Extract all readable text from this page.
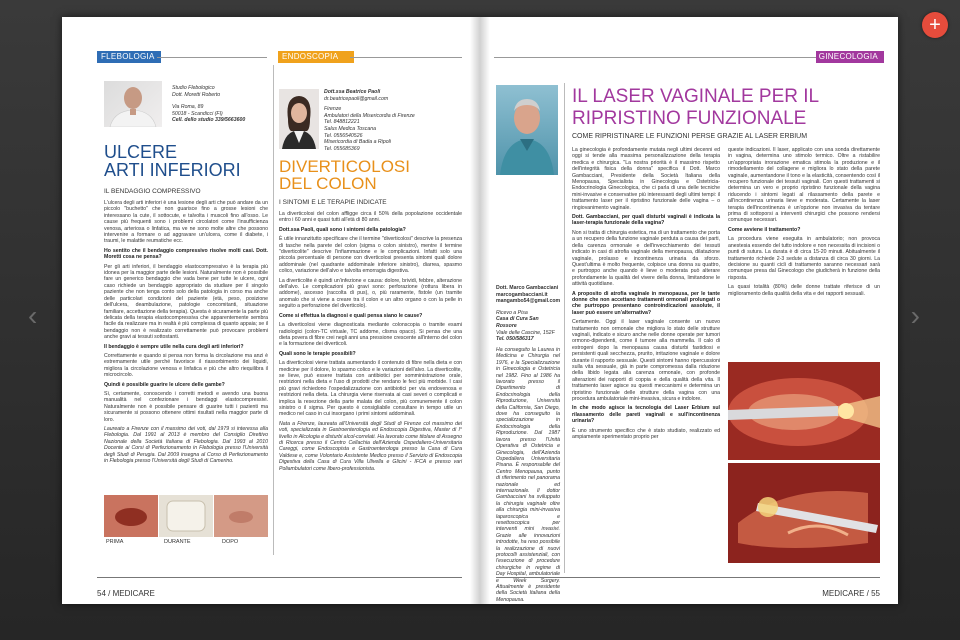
‹	›
+
FLEBOLOGIA
Studio Flebologico
Dott. Moretti Roberto
Via Roma, 89
50018 - Scandicci (FI)
Cell. dello studio 339/5663600
ULCERE
ARTI INFERIORI
IL BENDAGGIO COMPRESSIVO

L'ulcera degli arti inferiori è una lesione degli arti che può andare da un piccolo "buchetto" che non guarisce fino a grosse lesioni che interessano la cute, il sottocute, e talvolta i muscoli fino all'osso. Le cause più frequenti sono i problemi circolatori come l'insufficienza venosa, arteriosa o linfatica, ma ve ne sono molte altre che possono intervenire a formare o ad aggravare un'ulcera, come il diabete, i traumi, le malattie reumatiche ecc.

Ho sentito che il bendaggio compressivo risolve molti casi. Dott. Moretti cosa ne pensa?

Per gli arti inferiori, il bendaggio elastocompressivo è la terapia più idonea per la maggior parte delle lesioni. Naturalmente non è possibile fare un generico bendaggio che vada bene per tutte le ulcere, ogni caso richiede un bendaggio appropriato da studiare per il singolo paziente che non tenga conto solo della patologia in corso ma anche delle particolari condizioni del paziente (età, peso, posizione dell'ulcera, deambulazione, patologie concomitanti, situazione familiare, accettazione della terapia). Questa è sicuramente la parte più delicata della terapia elastocompressiva che apparentemente sembra facile da realizzare ma in realtà è più complessa di quanto appaia; se il bendaggio non è realizzato correttamente può provocare problemi anche gravi ai tessuti sottostanti.

Il bendaggio è sempre utile nella cura degli arti inferiori?

Correttamente e quando si pensa non forma la circolazione ma anzi è estremamente utile perché favorisce il riassorbimento dei liquidi, migliora la circolazione venosa e linfatica e più che altro riequilibra il microcircolo.

Quindi è possibile guarire le ulcere delle gambe?

Sì, certamente, conoscendo i corretti metodi e avendo una buona manualità nel confezionare i bendaggi elastocompressivi. Naturalmente non è possibile pensare di guarire tutti i pazienti ma sicuramente si possono ottenere ottimi risultati nella maggior parte di loro.

Laureato a Firenze con il massimo dei voti, dal 1979 si interessa alla Flebologia. Dal 1991 al 2013 è membro del Consiglio Direttivo Nazionale della Società Italiana di Flebologia. Dal 1993 al 2010 Docente ai Corsi di Perfezionamento in Flebologia presso l'Università degli Studi di Perugia. Dal 2009 insegna al Corso di Perfezionamento in Flebologia presso l'Università degli Studi di Camerino.

PRIMA	DURANTE	DOPO
ENDOSCOPIA
Dott.ssa Beatrice Paoli
dr.beatricepaoli@gmail.com
Firenze
Ambulatori della Misericordia di Firenze
Tel. 848812221
Salus Medica Toscana
Tel. 0556540526
Misericordia di Badia a Ripoli
Tel. 055685369
DIVERTICOLOSI
DEL COLON
I SINTOMI E LE TERAPIE INDICATE

La diverticolosi del colon affligge circa il 50% della popolazione occidentale entro i 60 anni e quasi tutti all'età di 80 anni.

Dott.ssa Paoli, quali sono i sintomi della patologia?

È utile innanzitutto specificare che il termine "diverticolosi" descrive la presenza di tasche nella parete del colon (sigma o colon sinistro), mentre il termine "diverticolite" descrive l'infiammazione e le complicazioni. Infatti solo una piccola percentuale di persone con diverticolosi presenta sintomi quali dolore addominale (nel quadrante addominale inferiore sinistro), diarrea, spasmo colico, variazione dell'alvo e talvolta emorragia digestiva.

La diverticolite è quindi un'infezione e causa: dolore, brividi, febbre, alterazione dell'alvo. Le complicazioni più gravi sono: perforazione (rottura libera in addome), ascesso (raccolta di pus), o, più raramente, fistole (un tramite anomalo che si viene a creare tra il colon e un altro organo o con la pelle in seguito a perforazione del diverticolo).

Come si effettua la diagnosi e quali pensa siano le cause?

La diverticolosi viene diagnosticata mediante colonscopia o tramite esami radiologici (colon-TC virtuale, TC addome, clisma opaco). Si pensa che una dieta povera di fibre crei negli anni una pressione crescente all'interno del colon e la formazione dei diverticoli.

Quali sono le terapie possibili?

La diverticolosi viene trattata aumentando il contenuto di fibre nella dieta e con medicine per il dolore, lo spasmo colico e le variazioni dell'alvo. La diverticolite, se lieve, può essere trattata con antibiotici per somministrazione orale, restrizioni nella dieta e l'uso di prodotti che rendano le feci più morbide. I casi più gravi richiedono l'ospedalizzazione con antibiotici per via endovenosa e restrizioni nella dieta. La chirurgia viene riservata ai casi severi o complicati e implica la resezione della parte malata del colon, più comunemente il colon sinistro o il sigma. Per questo è consigliabile consultare in tempo utile un medico nel caso in cui insorgano i primi sintomi addominali.

Nata a Firenze, laureata all'Università degli Studi di Firenze col massimo dei voti, specializzata in Gastroenterologia ed Endoscopia Digestiva, Master di I° livello in Alcologia e disturbi alcol-correlati. Ha lavorato come titolare di Assegno di Ricerca presso il Centro Cellachia dell'Azienda Ospedaliero-Universitaria Careggi, come Endoscopista e Gastroenterologa presso la Casa di Cura Valdese e, come Volontario Assistente Medico presso il Servizio di Endoscopia Digestiva della Casa di Cura Villa Ulivella e Glicini - IFCA e presso vari Poliambulatori come libero-professionista.

54 / MEDICARE
GINECOLOGIA
Dott. Marco Gambacciani
marcogambacciani.it
mangambo54@gmail.com
Ricevo a Pisa
Casa di Cura San Rossore
Viale delle Cascine, 152F
Tel. 050/586317

Ha conseguito la Laurea in Medicina e Chirurgia nel 1976, e la Specializzazione in Ginecologia e Ostetricia nel 1982. Fino al 1986 ha lavorato presso il Dipartimento di Endocrinologia della Riproduzione, Università della California, San Diego, dove ha conseguito la specializzazione in Endocrinologia della Riproduzione. Dal 1987 lavora presso l'Unità Operativa di Ostetricia e Ginecologia, dell'Azienda Ospedaliera Universitaria Pisana. È responsabile del Centro Menopausa, punto di riferimento nel panorama nazionale ed internazionale. Il dottor Gambacciani ha sviluppato la chirurgia vaginale oltre alla chirurgia mini-invasiva laparoscopica e resettoscopica per interventi mini invasivi. Grazie alle innovazioni introdotte, ha reso possibile la realizzazione di nuovi protocolli assistenziali, con l'esecuzione di procedure chirurgiche in regime di Day Hospital, ambulatoriale e Week Surgery. Attualmente è presidente della Società Italiana della Menopausa.

IL LASER VAGINALE PER IL
RIPRISTINO FUNZIONALE
COME RIPRISTINARE LE FUNZIONI PERSE GRAZIE AL LASER ERBIUM

La ginecologia è profondamente mutata negli ultimi decenni ed oggi si tende alla massima personalizzazione della terapia medica e chirurgica. "La nostra priorità è il massimo rispetto dell'integrità fisica della donna" specifica il Dott. Marco Gambacciani, Presidente della Società Italiana della Menopausa, Specialista in Ginecologia e Ostetricia-Endocrinologia Ginecologica, che ci parla di una delle tecniche mini-invasive e conservative più interessanti degli ultimi tempi: il trattamento laser per il ripristino funzionale delle vagina – o ringiovanimento vaginale.

Dott. Gambacciani, per quali disturbi vaginali è indicata la laser-terapia funzionale della vagina?

Non si tratta di chirurgia estetica, ma di un trattamento che porta a un recupero della funzione vaginale perduta a causa dei parti, della carenza ormonale e dell'invecchiamento dei tessuti indicato in casi di atrofia vaginale della menopausa, dilatazione vaginale, prolasso e incontinenza urinaria da sforzo. Quest'ultima è molto frequente, colpisce una donna su quattro, e purtroppo anche quando è lieve o moderata può alterare profondamente la qualità del vivere della donna, limitandone le attività quotidiane.

A proposito di atrofia vaginale in menopausa, per le tante donne che non accettano trattamenti ormonali prolungati o che purtroppo presentano controindicazioni assolute, il laser può essere un'alternativa?

Certamente. Oggi il laser vaginale consente un nuovo trattamento non ormonale che migliora lo stato delle strutture vaginali, indicato e sicuro anche nelle donne operate per tumori ormono-dipendenti, come il tumore alla mammella. Il calo di estrogeni dopo la menopausa causa disturbi fastidiosi e persistenti quali secchezza, prurito, irritazione vaginale e dolore durante il rapporto sessuale. Questi sintomi hanno ripercussioni sulla vita sessuale, già in parte compromessa dalla riduzione della libido legata alla carenza ormonale, con profonde alterazioni dei rapporti di coppia e della qualità della vita. Il trattamento laser agisce su questi meccanismi e determina un ripristino funzionale delle strutture della vagina con una procedura ambulatoriale mini-invasiva, sicura e indolore.

In che modo agisce la tecnologia del Laser Erbium sul rilassamento delle pareti vaginali e sull'incontinenza urinaria?

È uno strumento specifico che è stato studiato, realizzato ed ampiamente sperimentato proprio per

queste indicazioni. Il laser, applicato con una sonda direttamente in vagina, determina uno stimolo termico. Oltre a ristabilire un'appropriata irrorazione ematica stimola la produzione e il rimodellamento del collagene e migliora lo stato della parete vaginale, aumentandone il tono e la elasticità, consentendo così il recupero funzionale dei tessuti vaginali. Con questi trattamenti si determina un vero e proprio ripristino funzionale della vagina riducendo i sintomi legati al rilassamento della parete e all'incontinenza urinaria lieve e moderata. Certamente la laser terapia dell'incontinenza è un'opzione non invasiva da tentare prima di sottoporsi a interventi chirurgici che possono rendersi comunque necessari.

Come avviene il trattamento?

La procedura viene eseguita in ambulatorio; non provoca anestesia essendo del tutto indolore e non necessita di incisioni o punti di sutura. La durata è di circa 15-20 minuti. Abitualmente il trattamento richiede 2-3 sedute a distanza di circa 30 giorni. La decisione su quanti cicli di trattamento saranno necessari sarà comunque presa dal Ginecologo che giudicherà in funzione della risposta.

La quasi totalità (80%) delle donne trattate riferisce di un miglioramento della qualità della vita e dei rapporti sessuali.

MEDICARE / 55
